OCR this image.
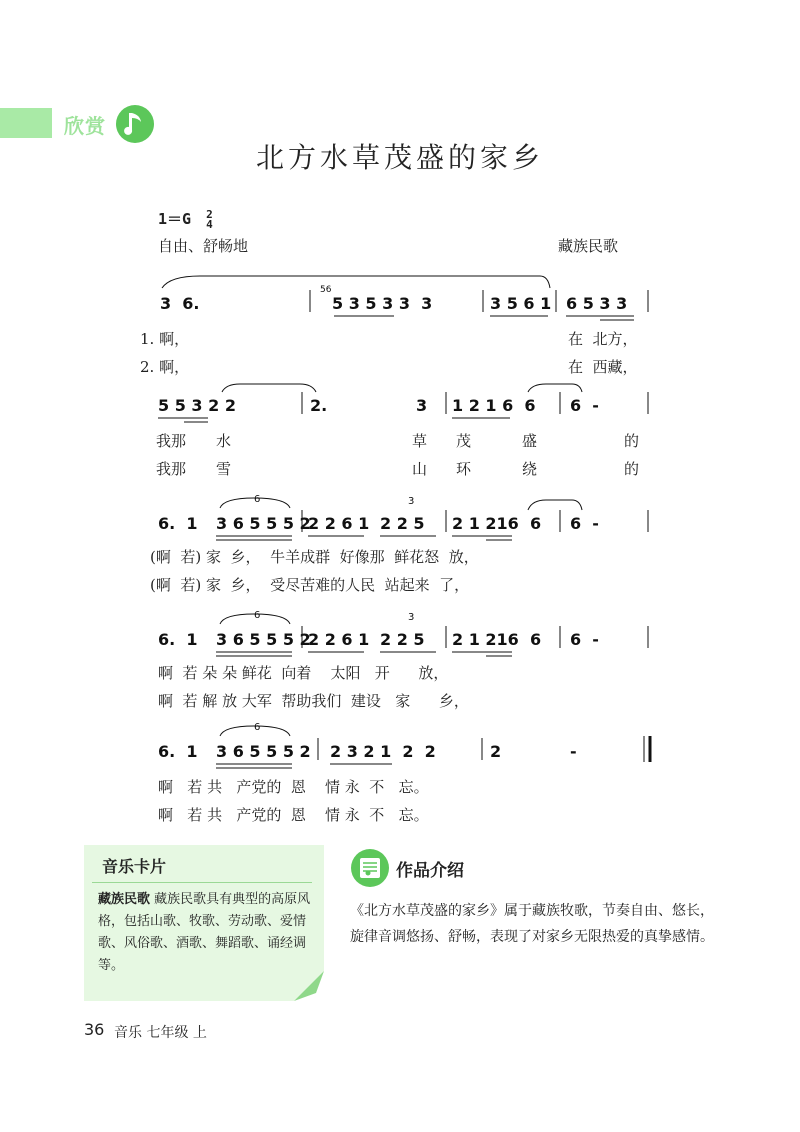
欣赏
北方水草茂盛的家乡
1＝G 2
4
自由、舒畅地	藏族民歌
6	3
6	3
6
3  6.
56
5 3 5 3 3  3	3 5 6 1 6 5 3 3
5 5 3 2 2	2.	3 1 2 1 6  6 6  -
6.  1 3 6 5 5 5 2
2 2 6 1 2 2 5 2 1 216  6 6  -
6.  1 3 6 5 5 5 2
2 2 6 1 2 2 5 2 1 216  6 6  -
6.  1 3 6 5 5 5 2 2 3 2 1  2  2	2	-
1. 啊，	在  北方，
2. 啊，	在  西藏，
我那 水	草 茂	盛	的
我那 雪	山 环	绕	的
(啊  若) 家  乡，  牛羊成群  好像那  鲜花怒  放，
(啊  若) 家  乡，  受尽苦难的人民  站起来  了，
啊  若 朵 朵 鲜花  向着    太阳   开      放，
啊  若 解 放 大军  帮助我们  建设   家      乡，
啊   若 共   产党的  恩    情 永  不   忘。
啊   若 共   产党的  恩    情 永  不   忘。
音乐卡片
藏族民歌 藏族民歌具有典型的高原风格，包括山歌、牧歌、劳动歌、爱情歌、风俗歌、酒歌、舞蹈歌、诵经调等。
作品介绍
《北方水草茂盛的家乡》属于藏族牧歌，节奏自由、悠长，旋律音调悠扬、舒畅，表现了对家乡无限热爱的真挚感情。
36 音乐 七年级 上
